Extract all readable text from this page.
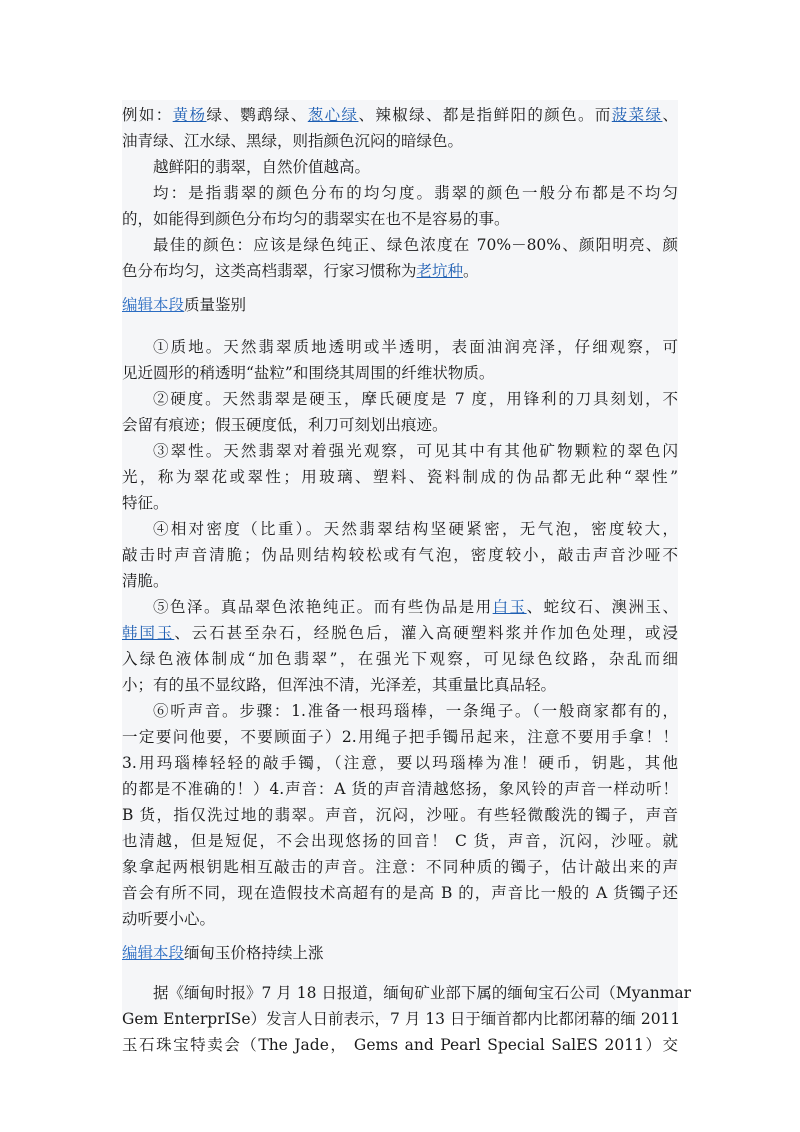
例如：黄杨绿、鹦鹉绿、葱心绿、辣椒绿、都是指鲜阳的颜色。而菠菜绿、
油青绿、江水绿、黑绿，则指颜色沉闷的暗绿色。
越鲜阳的翡翠，自然价值越高。
均：是指翡翠的颜色分布的均匀度。翡翠的颜色一般分布都是不均匀
的，如能得到颜色分布均匀的翡翠实在也不是容易的事。
最佳的颜色：应该是绿色纯正、绿色浓度在 70%－80%、颜阳明亮、颜
色分布均匀，这类高档翡翠，行家习惯称为老坑种。
编辑本段质量鉴别
①质地。天然翡翠质地透明或半透明，表面油润亮泽，仔细观察，可
见近圆形的稍透明“盐粒”和围绕其周围的纤维状物质。
②硬度。天然翡翠是硬玉，摩氏硬度是 7 度，用锋利的刀具刻划，不
会留有痕迹；假玉硬度低，利刀可刻划出痕迹。
③翠性。天然翡翠对着强光观察，可见其中有其他矿物颗粒的翠色闪
光，称为翠花或翠性；用玻璃、塑料、瓷料制成的伪品都无此种“翠性”
特征。
④相对密度（比重）。天然翡翠结构坚硬紧密，无气泡，密度较大，
敲击时声音清脆；伪品则结构较松或有气泡，密度较小，敲击声音沙哑不
清脆。
⑤色泽。真品翠色浓艳纯正。而有些伪品是用白玉、蛇纹石、澳洲玉、
韩国玉、云石甚至杂石，经脱色后，灌入高硬塑料浆并作加色处理，或浸
入绿色液体制成“加色翡翠”，在强光下观察，可见绿色纹路，杂乱而细
小；有的虽不显纹路，但浑浊不清，光泽差，其重量比真品轻。
⑥听声音。步骤：1.准备一根玛瑙棒，一条绳子。（一般商家都有的，
一定要问他要，不要顾面子）2.用绳子把手镯吊起来，注意不要用手拿！！
3.用玛瑙棒轻轻的敲手镯，（注意，要以玛瑙棒为准！硬币，钥匙，其他
的都是不准确的！）4.声音：A 货的声音清越悠扬，象风铃的声音一样动听！
B 货，指仅洗过地的翡翠。声音，沉闷，沙哑。有些轻微酸洗的镯子，声音
也清越，但是短促，不会出现悠扬的回音！ C 货，声音，沉闷，沙哑。就
象拿起两根钥匙相互敲击的声音。注意：不同种质的镯子，估计敲出来的声
音会有所不同，现在造假技术高超有的是高 B 的，声音比一般的 A 货镯子还
动听要小心。
编辑本段缅甸玉价格持续上涨
据《缅甸时报》7 月 18 日报道，缅甸矿业部下属的缅甸宝石公司（Myanmar
Gem EnterprISe）发言人日前表示，7 月 13 日于缅首都内比都闭幕的缅 2011
玉石珠宝特卖会（The Jade， Gems and Pearl Special SalES 2011）交
